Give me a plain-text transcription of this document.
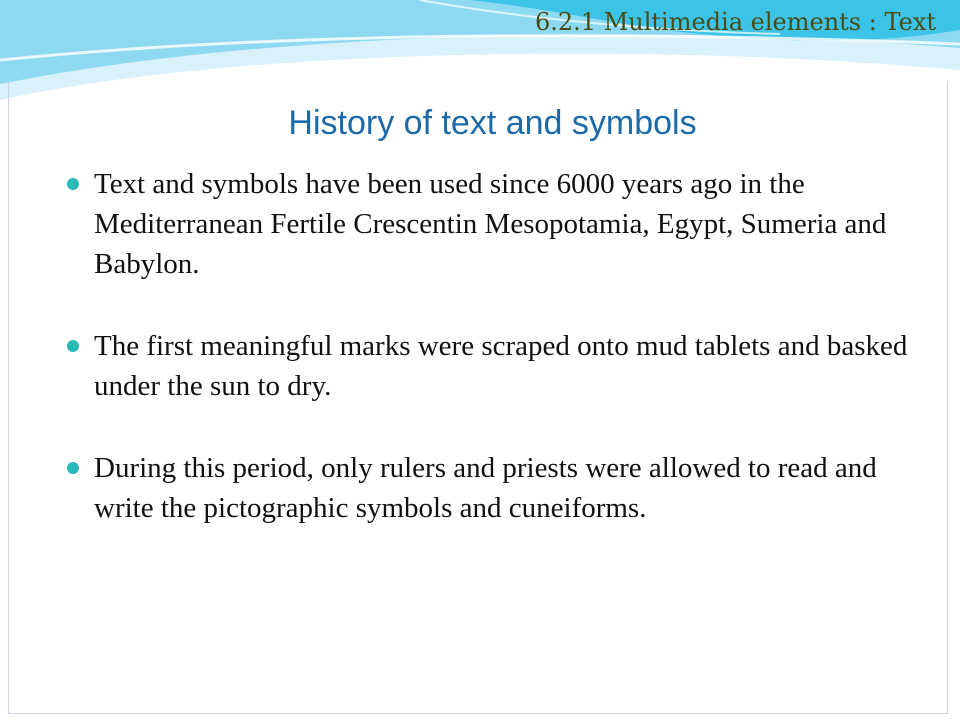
6.2.1 Multimedia elements : Text
History of text and symbols
Text and symbols have been used since 6000 years ago in the Mediterranean Fertile Crescentin Mesopotamia, Egypt, Sumeria and Babylon.
The first meaningful marks were scraped onto mud tablets and basked under the sun to dry.
During this period, only rulers and priests were allowed to read and write the pictographic symbols and cuneiforms.
